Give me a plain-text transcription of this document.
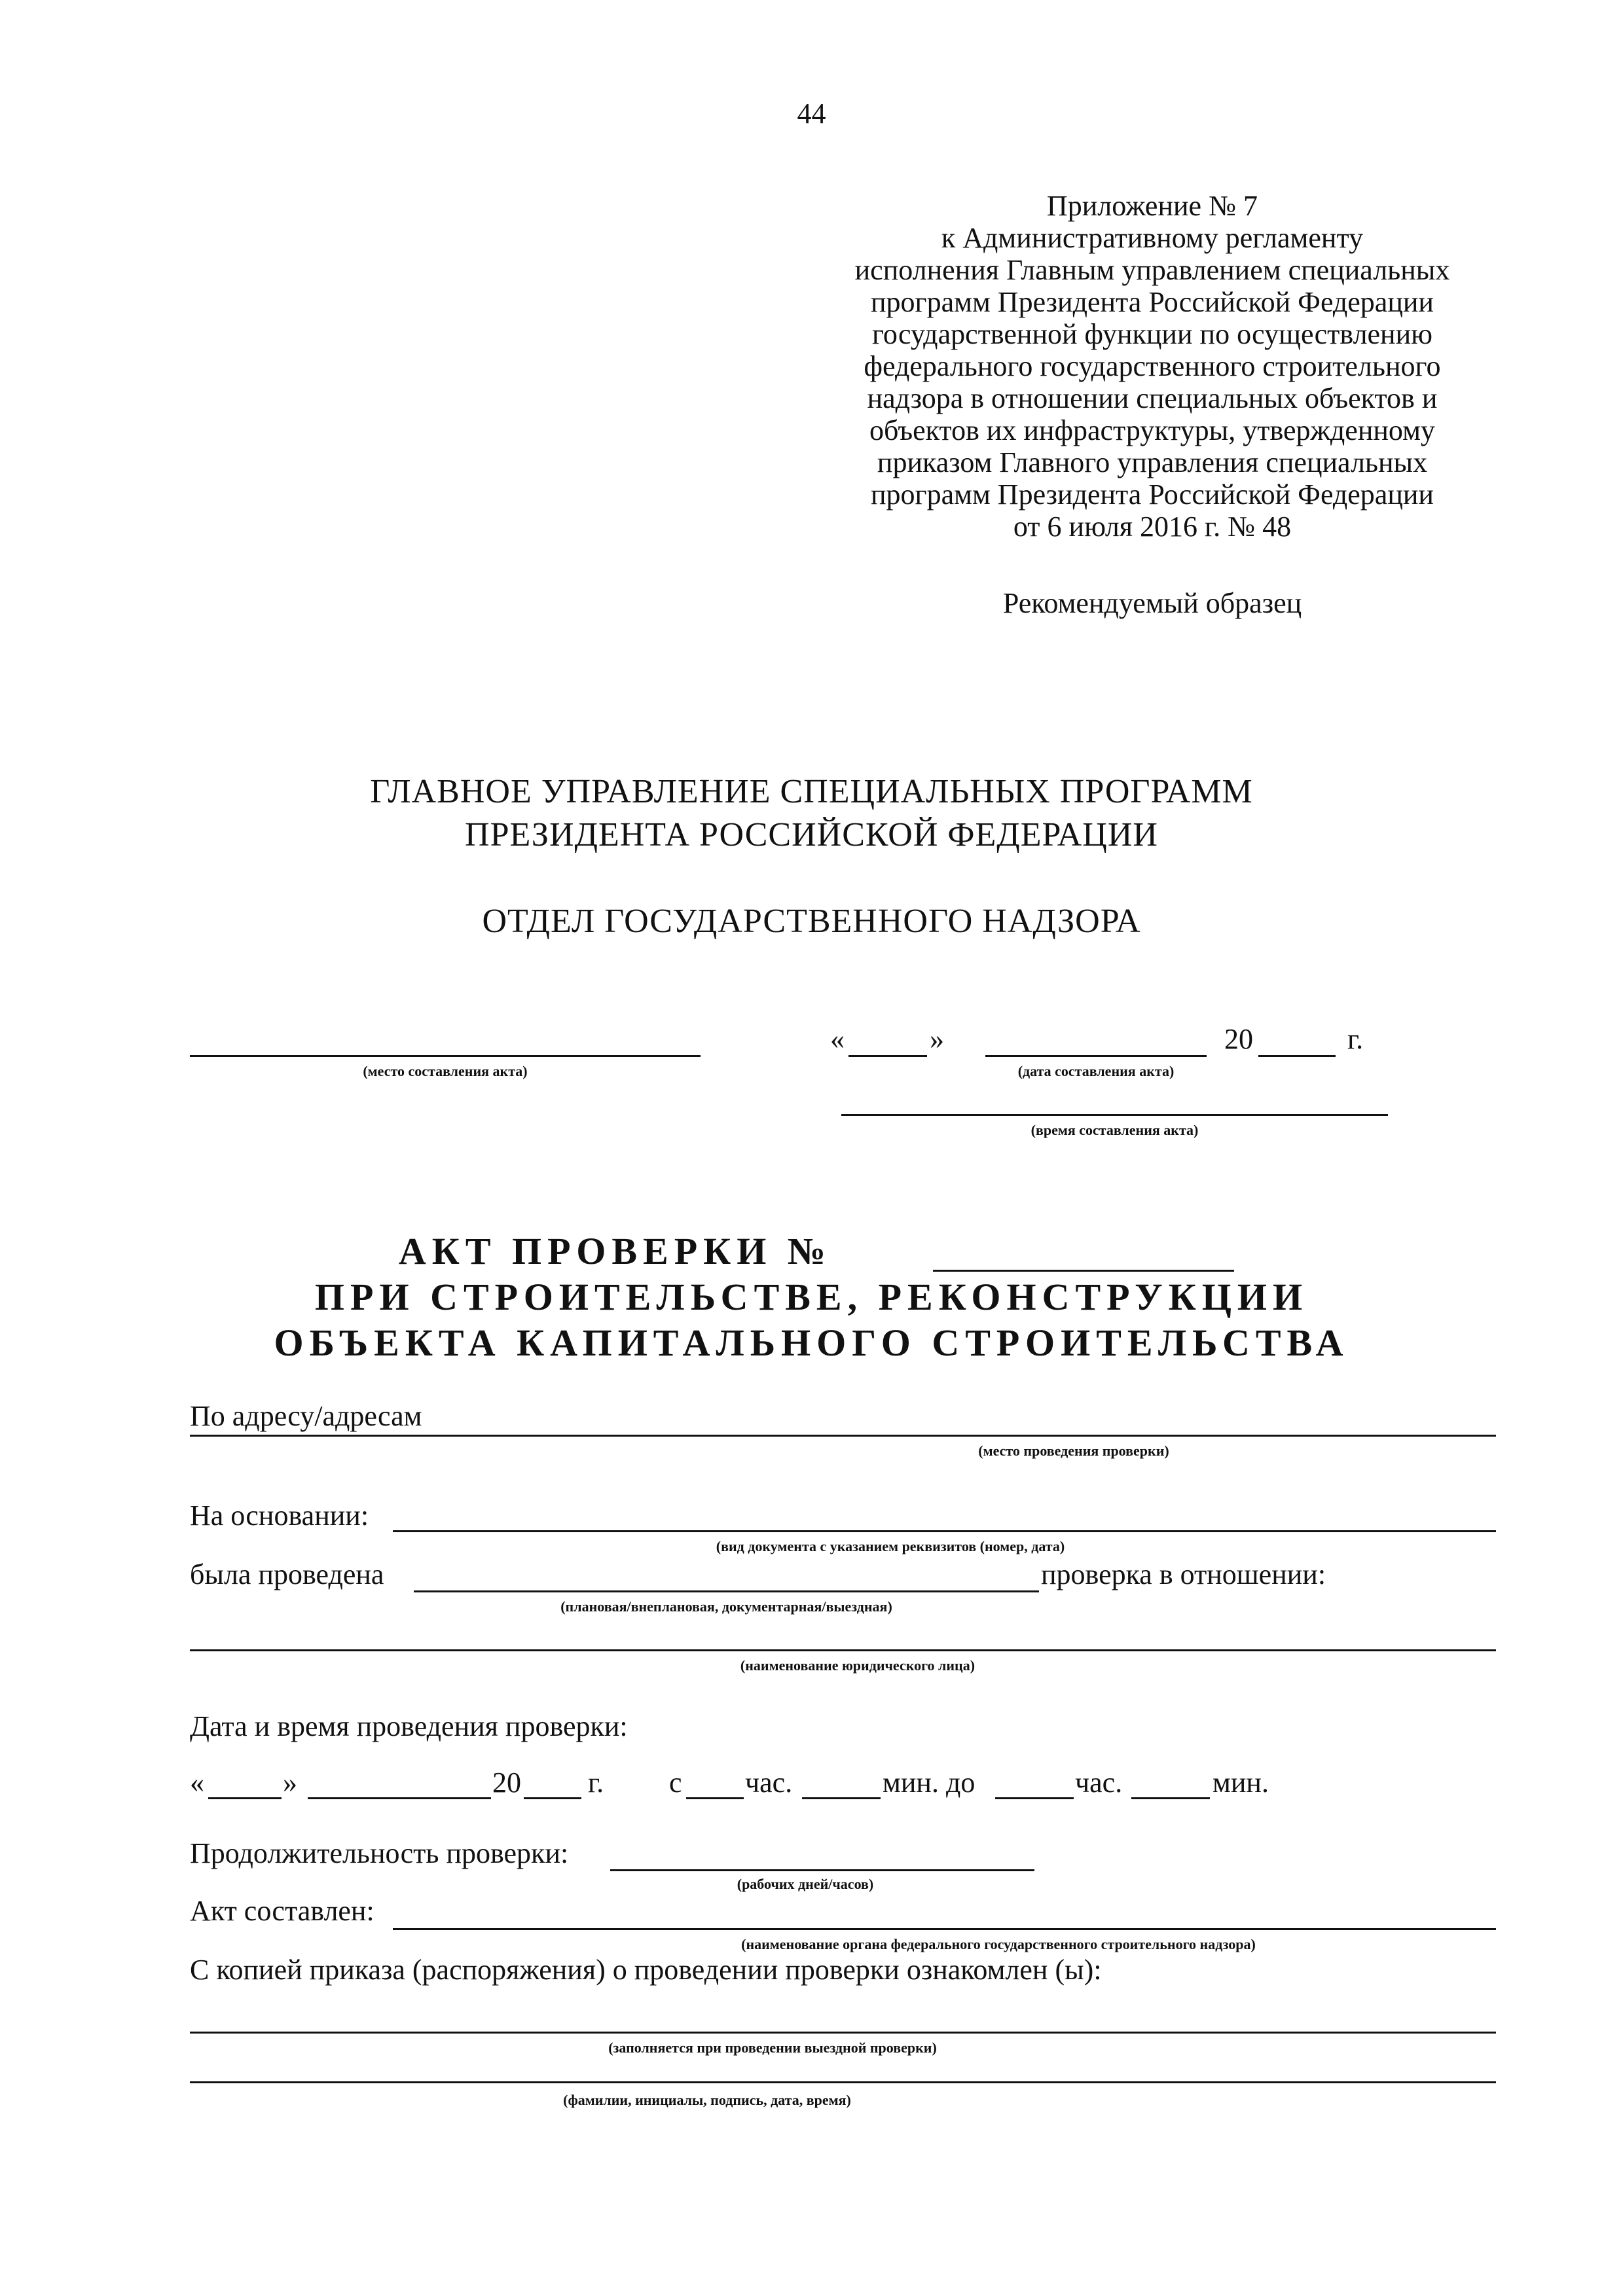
44
Приложение № 7
к Административному регламенту
исполнения Главным управлением специальных
программ Президента Российской Федерации
государственной функции по осуществлению
федерального государственного строительного
надзора в отношении специальных объектов и
объектов их инфраструктуры, утвержденному
приказом Главного управления специальных
программ Президента Российской Федерации
от 6 июля 2016 г. № 48
Рекомендуемый образец
ГЛАВНОЕ УПРАВЛЕНИЕ СПЕЦИАЛЬНЫХ ПРОГРАММ
ПРЕЗИДЕНТА РОССИЙСКОЙ ФЕДЕРАЦИИ
ОТДЕЛ ГОСУДАРСТВЕННОГО НАДЗОРА
(место составления акта)
«	»	20	г.
(дата составления акта)
(время составления акта)
АКТ ПРОВЕРКИ №
ПРИ СТРОИТЕЛЬСТВЕ, РЕКОНСТРУКЦИИ
ОБЪЕКТА КАПИТАЛЬНОГО СТРОИТЕЛЬСТВА
По адресу/адресам
(место проведения проверки)
На основании:
(вид документа с указанием реквизитов (номер, дата)
была проведена	проверка в отношении:
(плановая/внеплановая, документарная/выездная)
(наименование юридического лица)
Дата и время проведения проверки:
«	»	20 г. с час.	мин. до	час.	мин.
Продолжительность проверки:
(рабочих дней/часов)
Акт составлен:
(наименование органа федерального государственного строительного надзора)
С копией приказа (распоряжения) о проведении проверки ознакомлен (ы):
(заполняется при проведении выездной проверки)
(фамилии, инициалы, подпись, дата, время)
